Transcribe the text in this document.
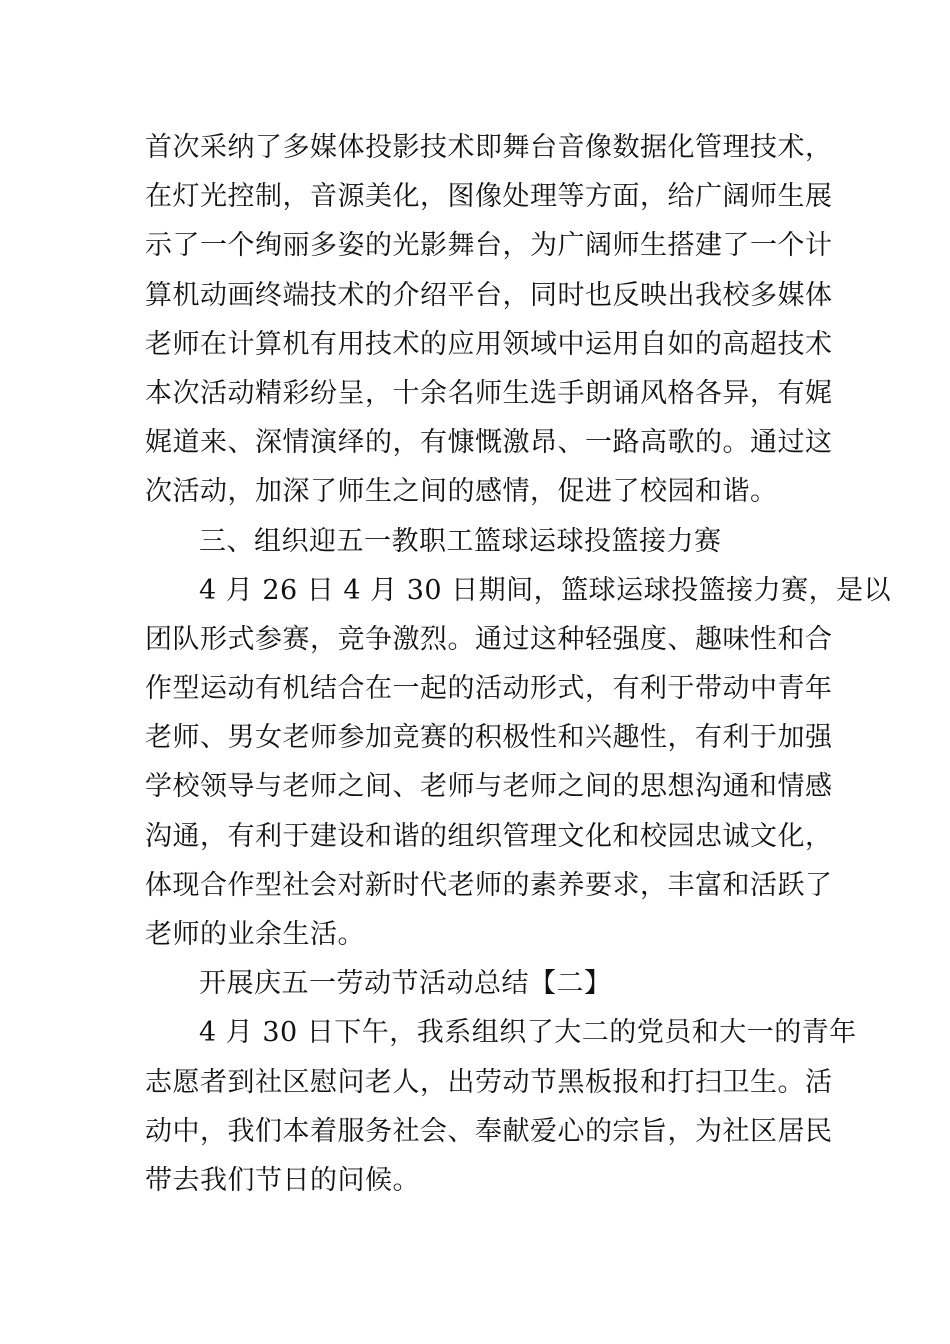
首次采纳了多媒体投影技术即舞台音像数据化管理技术，
在灯光控制，音源美化，图像处理等方面，给广阔师生展
示了一个绚丽多姿的光影舞台，为广阔师生搭建了一个计
算机动画终端技术的介绍平台，同时也反映出我校多媒体
老师在计算机有用技术的应用领域中运用自如的高超技术
本次活动精彩纷呈，十余名师生选手朗诵风格各异，有娓
娓道来、深情演绎的，有慷慨激昂、一路高歌的。通过这
次活动，加深了师生之间的感情，促进了校园和谐。
三、组织迎五一教职工篮球运球投篮接力赛
4 月 26 日 4 月 30 日期间，篮球运球投篮接力赛，是以
团队形式参赛，竞争激烈。通过这种轻强度、趣味性和合
作型运动有机结合在一起的活动形式，有利于带动中青年
老师、男女老师参加竞赛的积极性和兴趣性，有利于加强
学校领导与老师之间、老师与老师之间的思想沟通和情感
沟通，有利于建设和谐的组织管理文化和校园忠诚文化，
体现合作型社会对新时代老师的素养要求，丰富和活跃了
老师的业余生活。
开展庆五一劳动节活动总结【二】
4 月 30 日下午，我系组织了大二的党员和大一的青年
志愿者到社区慰问老人，出劳动节黑板报和打扫卫生。活
动中，我们本着服务社会、奉献爱心的宗旨，为社区居民
带去我们节日的问候。
